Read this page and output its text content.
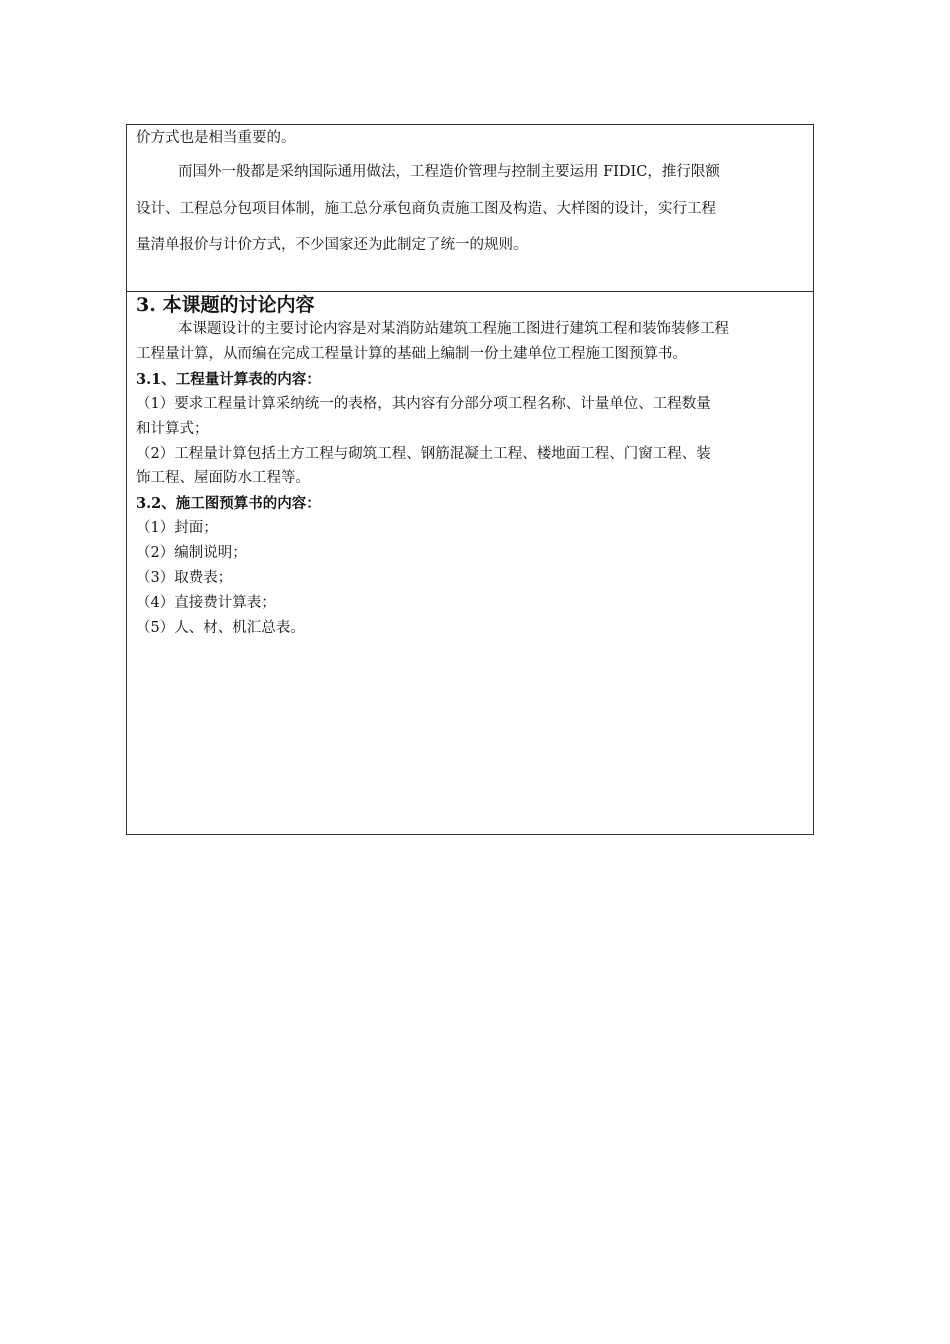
价方式也是相当重要的。
而国外一般都是采纳国际通用做法，工程造价管理与控制主要运用 FIDIC，推行限额
设计、工程总分包项目体制，施工总分承包商负责施工图及构造、大样图的设计，实行工程
量清单报价与计价方式，不少国家还为此制定了统一的规则。
3. 本课题的讨论内容
本课题设计的主要讨论内容是对某消防站建筑工程施工图进行建筑工程和装饰装修工程
工程量计算，从而编在完成工程量计算的基础上编制一份土建单位工程施工图预算书。
3.1、工程量计算表的内容：
（1）要求工程量计算采纳统一的表格，其内容有分部分项工程名称、计量单位、工程数量
和计算式；
（2）工程量计算包括土方工程与砌筑工程、钢筋混凝土工程、楼地面工程、门窗工程、装
饰工程、屋面防水工程等。
3.2、施工图预算书的内容：
（1）封面；
（2）编制说明；
（3）取费表；
（4）直接费计算表；
（5）人、材、机汇总表。
